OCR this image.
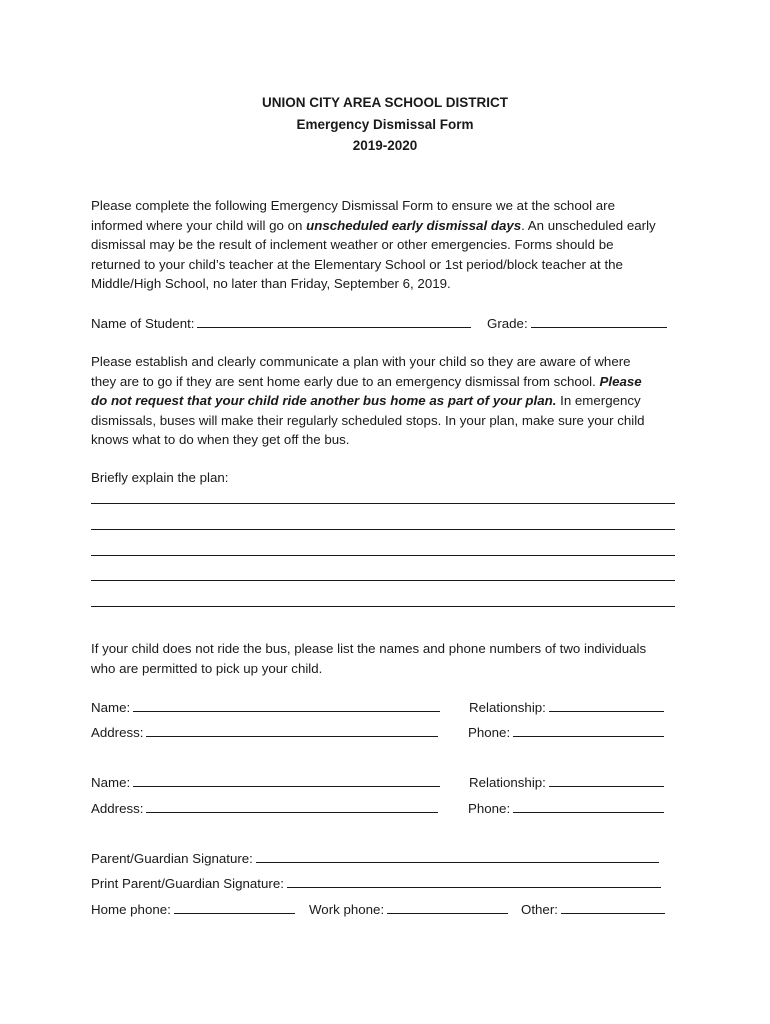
UNION CITY AREA SCHOOL DISTRICT
Emergency Dismissal Form
2019-2020
Please complete the following Emergency Dismissal Form to ensure we at the school are
informed where your child will go on unscheduled early dismissal days. An unscheduled early
dismissal may be the result of inclement weather or other emergencies. Forms should be
returned to your child’s teacher at the Elementary School or 1st period/block teacher at the
Middle/High School, no later than Friday, September 6, 2019.
Name of Student:	Grade:
Please establish and clearly communicate a plan with your child so they are aware of where
they are to go if they are sent home early due to an emergency dismissal from school. Please
do not request that your child ride another bus home as part of your plan. In emergency
dismissals, buses will make their regularly scheduled stops. In your plan, make sure your child
knows what to do when they get off the bus.
Briefly explain the plan:
If your child does not ride the bus, please list the names and phone numbers of two individuals
who are permitted to pick up your child.
Name:	Relationship:
Address:	Phone:
Name:	Relationship:
Address:	Phone:
Parent/Guardian Signature:
Print Parent/Guardian Signature:
Home phone:	Work phone:	Other:
